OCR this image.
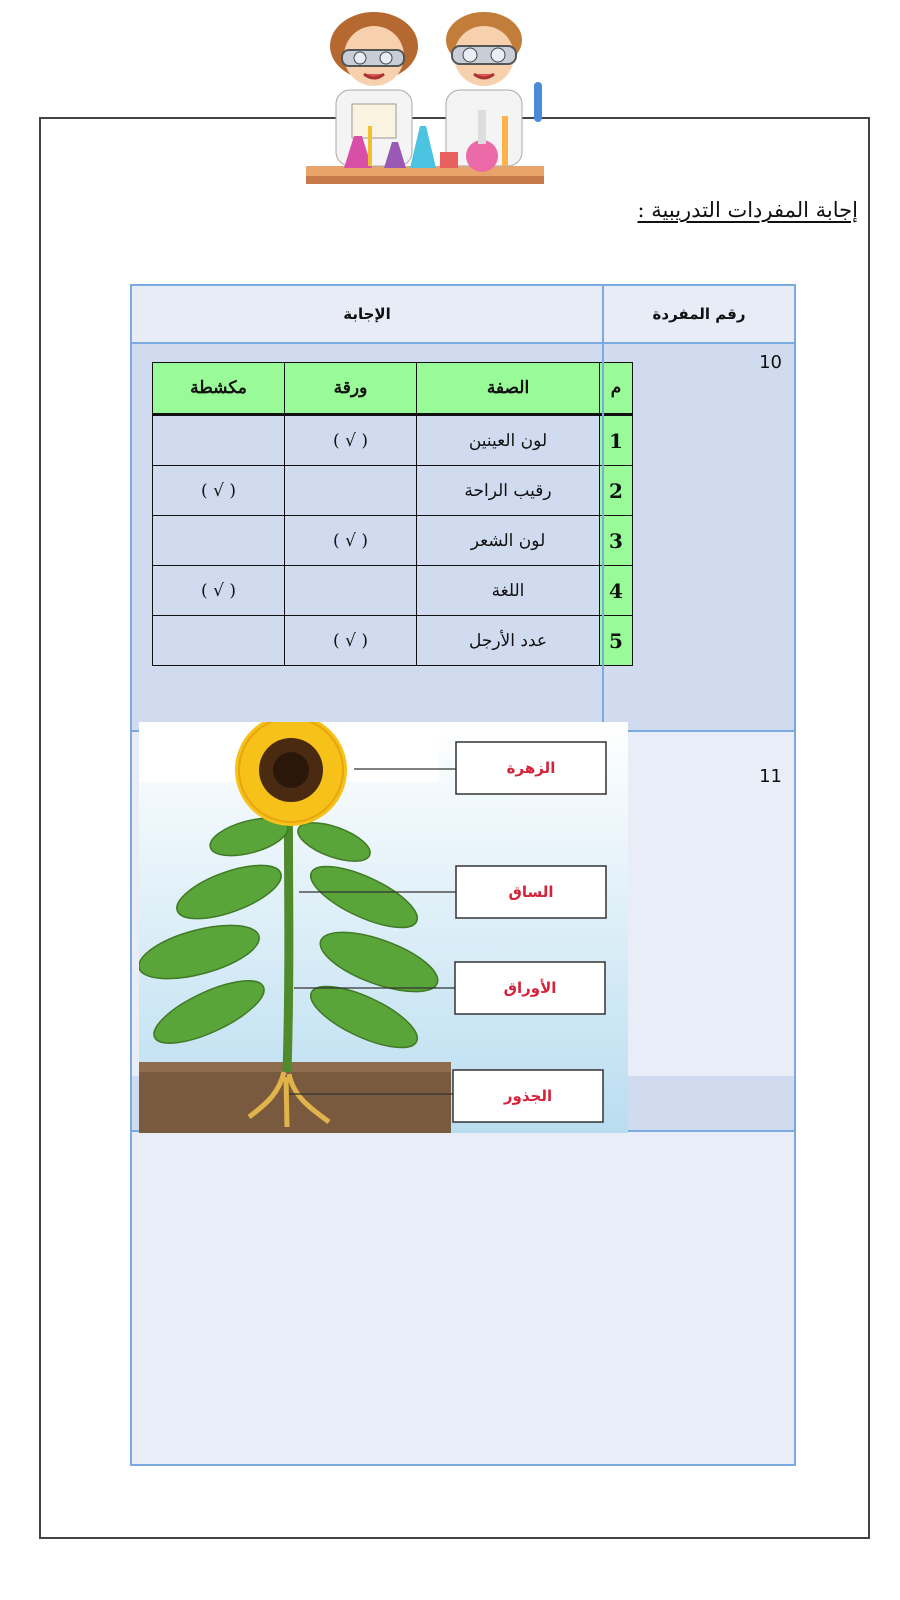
إجابة المفردات التدريبية :
الإجابة	رقم المفردة
10
مكشطة	ورقة	الصفة	م
	( √ )	لون العينين	1
( √ )		رقيب الراحة	2
	( √ )	لون الشعر	3
( √ )		اللغة	4
	( √ )	عدد الأرجل	5
11
الزهرة
الساق
الأوراق
الجذور
